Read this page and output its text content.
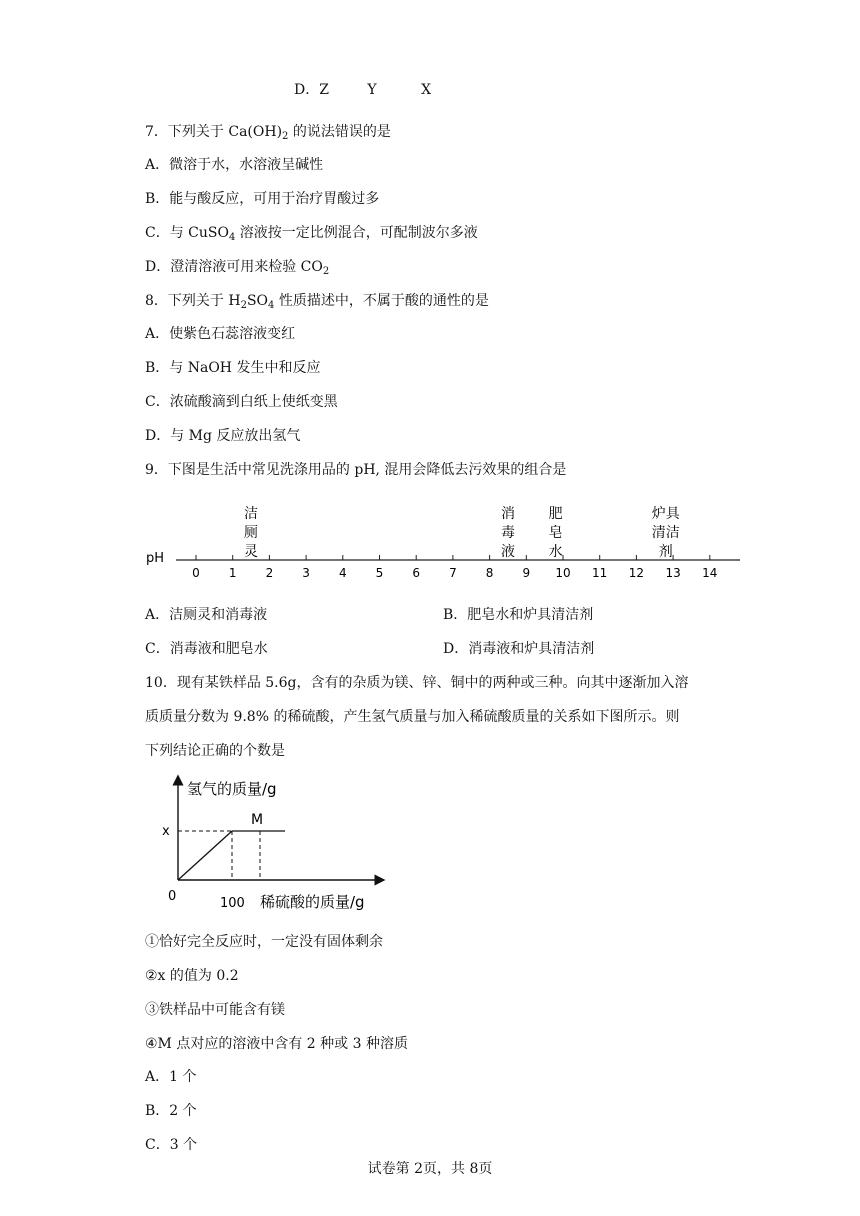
D．Z	Y	X
7．下列关于 $Ca(OH)_2$ 的说法错误的是
A．微溶于水，水溶液呈碱性
B．能与酸反应，可用于治疗胃酸过多
C．与 CuSO$_4$ 溶液按一定比例混合，可配制波尔多液
D．澄清溶液可用来检验 $CO_2$
8．下列关于 $H_2SO_4$ 性质描述中，不属于酸的通性的是
A．使紫色石蕊溶液变红
B．与 NaOH 发生中和反应
C．浓硫酸滴到白纸上使纸变黑
D．与 Mg 反应放出氢气
9．下图是生活中常见洗涤用品的 pH, 混用会降低去污效果的组合是
pH
0 1 2 3 4 5 6 7 8 9 10 11 12 13 14
洁
厕
灵
消
毒
液
肥
皂
水
炉具
清洁
剂
A．洁厕灵和消毒液	B．肥皂水和炉具清洁剂
C．消毒液和肥皂水	D．消毒液和炉具清洁剂
10．现有某铁样品 5.6g，含有的杂质为镁、锌、铜中的两种或三种。向其中逐渐加入溶
质质量分数为 9.8% 的稀硫酸，产生氢气质量与加入稀硫酸质量的关系如下图所示。则
下列结论正确的个数是
氢气的质量/g
稀硫酸的质量/g
0	100
x
M
①恰好完全反应时，一定没有固体剩余
②x 的值为 0.2
③铁样品中可能含有镁
④M 点对应的溶液中含有 2 种或 3 种溶质
A．1 个
B．2 个
C．3 个
试卷第 2页，共 8页
